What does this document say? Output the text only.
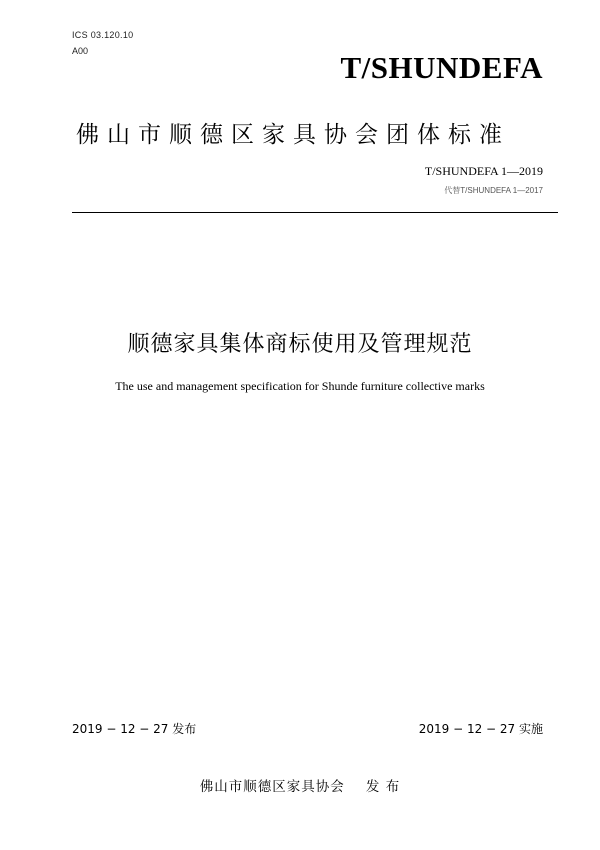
ICS 03.120.10
A00	T/SHUNDEFA
佛山市顺德区家具协会团体标准
T/SHUNDEFA 1—2019
代替T/SHUNDEFA 1—2017
顺德家具集体商标使用及管理规范
The use and management specification for Shunde furniture collective marks
2019 − 12 − 27 发布	2019 − 12 − 27 实施
佛山市顺德区家具协会    发 布
